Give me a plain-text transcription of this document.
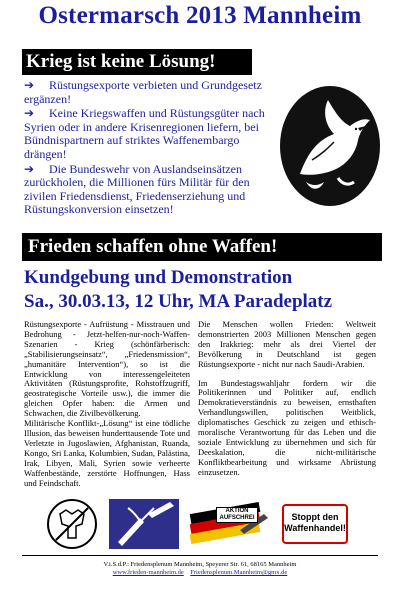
Ostermarsch 2013 Mannheim
Krieg ist keine Lösung!
➔ Rüstungsexporte verbieten und Grundgesetz ergänzen!
➔ Keine Kriegswaffen und Rüstungsgüter nach Syrien oder in andere Krisenregionen liefern, bei Bündnispartnern auf striktes Waffenembargo drängen!
➔ Die Bundeswehr von Auslandseinsätzen zurückholen, die Millionen fürs Militär für den zivilen Friedensdienst, Friedenserziehung und Rüstungskonversion einsetzen!
Frieden schaffen ohne Waffen!
Kundgebung und Demonstration
Sa., 30.03.13, 12 Uhr, MA Paradeplatz

Rüstungsexporte - Aufrüstung - Misstrauen und Bedrohung - Jetzt-helfen-nur-noch-Waffen-Szenarien - Krieg (schönfärberisch: „Stabilisierungseinsatz“, „Friedensmission“, „humanitäre Intervention“), so ist die Entwicklung von interessengeleiteten Aktivitäten (Rüstungsprofite, Rohstoffzugriff, geostrategische Vorteile usw.), die immer die gleichen Opfer haben: die Armen und Schwachen, die Zivilbevölkerung.

Militärische Konflikt-„Lösung“ ist eine tödliche Illusion, das beweisen hunderttausende Tote und Verletzte in Jugoslawien, Afghanistan, Ruanda, Kongo, Sri Lanka, Kolumbien, Sudan, Palästina, Irak, Libyen, Mali, Syrien sowie verheerte Waffenbestände, zerstörte Hoffnungen, Hass und Feindschaft.

Die Menschen wollen Frieden: Weltweit demonstrierten 2003 Millionen Menschen gegen den Irakkrieg: mehr als drei Viertel der Bevölkerung in Deutschland ist gegen Rüstungsexporte - nicht nur nach Saudi-Arabien.

Im Bundestagswahljahr fordern wir die Politikerinnen und Politiker auf, endlich Demokratieverständnis zu beweisen, ernsthaften Verhandlungswillen, politischen Weitblick, diplomatisches Geschick zu zeigen und ethisch-moralische Verantwortung für das Leben und die soziale Entwicklung zu übernehmen und sich für Deeskalation, die nicht-militärische Konfliktbearbeitung und wirksame Abrüstung einzusetzen.

AKTION
AUFSCHREI	Stoppt den
Waffenhandel!
V.i.S.d.P.: Friedensplenum Mannheim, Speyerer Str. 61, 68165 Mannheim
www.frieden-mannheim.de Friedensplenum.Mannheim@gmx.de
